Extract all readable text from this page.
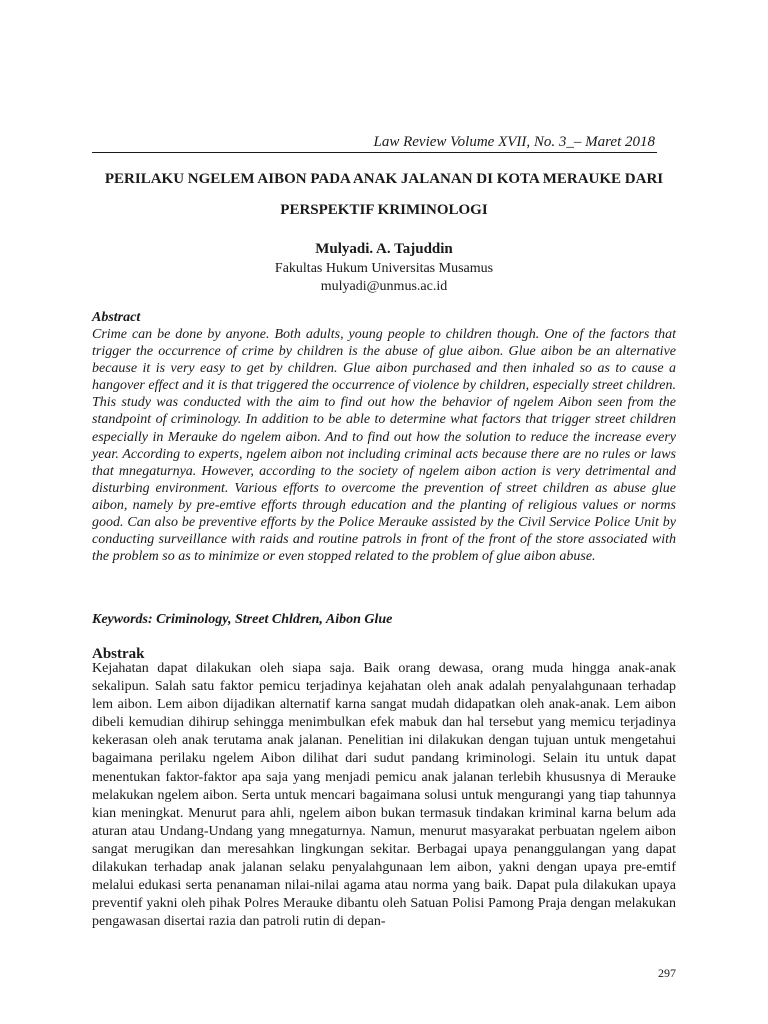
Law Review Volume XVII, No. 3_– Maret 2018
PERILAKU NGELEM AIBON PADA ANAK JALANAN DI KOTA MERAUKE DARI PERSPEKTIF KRIMINOLOGI
Mulyadi. A. Tajuddin
Fakultas Hukum Universitas Musamus
mulyadi@unmus.ac.id
Abstract

Crime can be done by anyone. Both adults, young people to children though. One of the factors that trigger the occurrence of crime by children is the abuse of glue aibon. Glue aibon be an alternative because it is very easy to get by children. Glue aibon purchased and then inhaled so as to cause a hangover effect and it is that triggered the occurrence of violence by children, especially street children. This study was conducted with the aim to find out how the behavior of ngelem Aibon seen from the standpoint of criminology. In addition to be able to determine what factors that trigger street children especially in Merauke do ngelem aibon. And to find out how the solution to reduce the increase every year. According to experts, ngelem aibon not including criminal acts because there are no rules or laws that mnegaturnya. However, according to the society of ngelem aibon action is very detrimental and disturbing environment. Various efforts to overcome the prevention of street children as abuse glue aibon, namely by pre-emtive efforts through education and the planting of religious values or norms good. Can also be preventive efforts by the Police Merauke assisted by the Civil Service Police Unit by conducting surveillance with raids and routine patrols in front of the front of the store associated with the problem so as to minimize or even stopped related to the problem of glue aibon abuse.

Keywords: Criminology, Street Chldren, Aibon Glue
Abstrak

Kejahatan dapat dilakukan oleh siapa saja. Baik orang dewasa, orang muda hingga anak-anak sekalipun. Salah satu faktor pemicu terjadinya kejahatan oleh anak adalah penyalahgunaan terhadap lem aibon. Lem aibon dijadikan alternatif karna sangat mudah didapatkan oleh anak-anak. Lem aibon dibeli kemudian dihirup sehingga menimbulkan efek mabuk dan hal tersebut yang memicu terjadinya kekerasan oleh anak terutama anak jalanan. Penelitian ini dilakukan dengan tujuan untuk mengetahui bagaimana perilaku ngelem Aibon dilihat dari sudut pandang kriminologi. Selain itu untuk dapat menentukan faktor-faktor apa saja yang menjadi pemicu anak jalanan terlebih khususnya di Merauke melakukan ngelem aibon. Serta untuk mencari bagaimana solusi untuk mengurangi yang tiap tahunnya kian meningkat. Menurut para ahli, ngelem aibon bukan termasuk tindakan kriminal karna belum ada aturan atau Undang-Undang yang mnegaturnya. Namun, menurut masyarakat perbuatan ngelem aibon sangat merugikan dan meresahkan lingkungan sekitar. Berbagai upaya penanggulangan yang dapat dilakukan terhadap anak jalanan selaku penyalahgunaan lem aibon, yakni dengan upaya pre-emtif melalui edukasi serta penanaman nilai-nilai agama atau norma yang baik. Dapat pula dilakukan upaya preventif yakni oleh pihak Polres Merauke dibantu oleh Satuan Polisi Pamong Praja dengan melakukan pengawasan disertai razia dan patroli rutin di depan-

297
